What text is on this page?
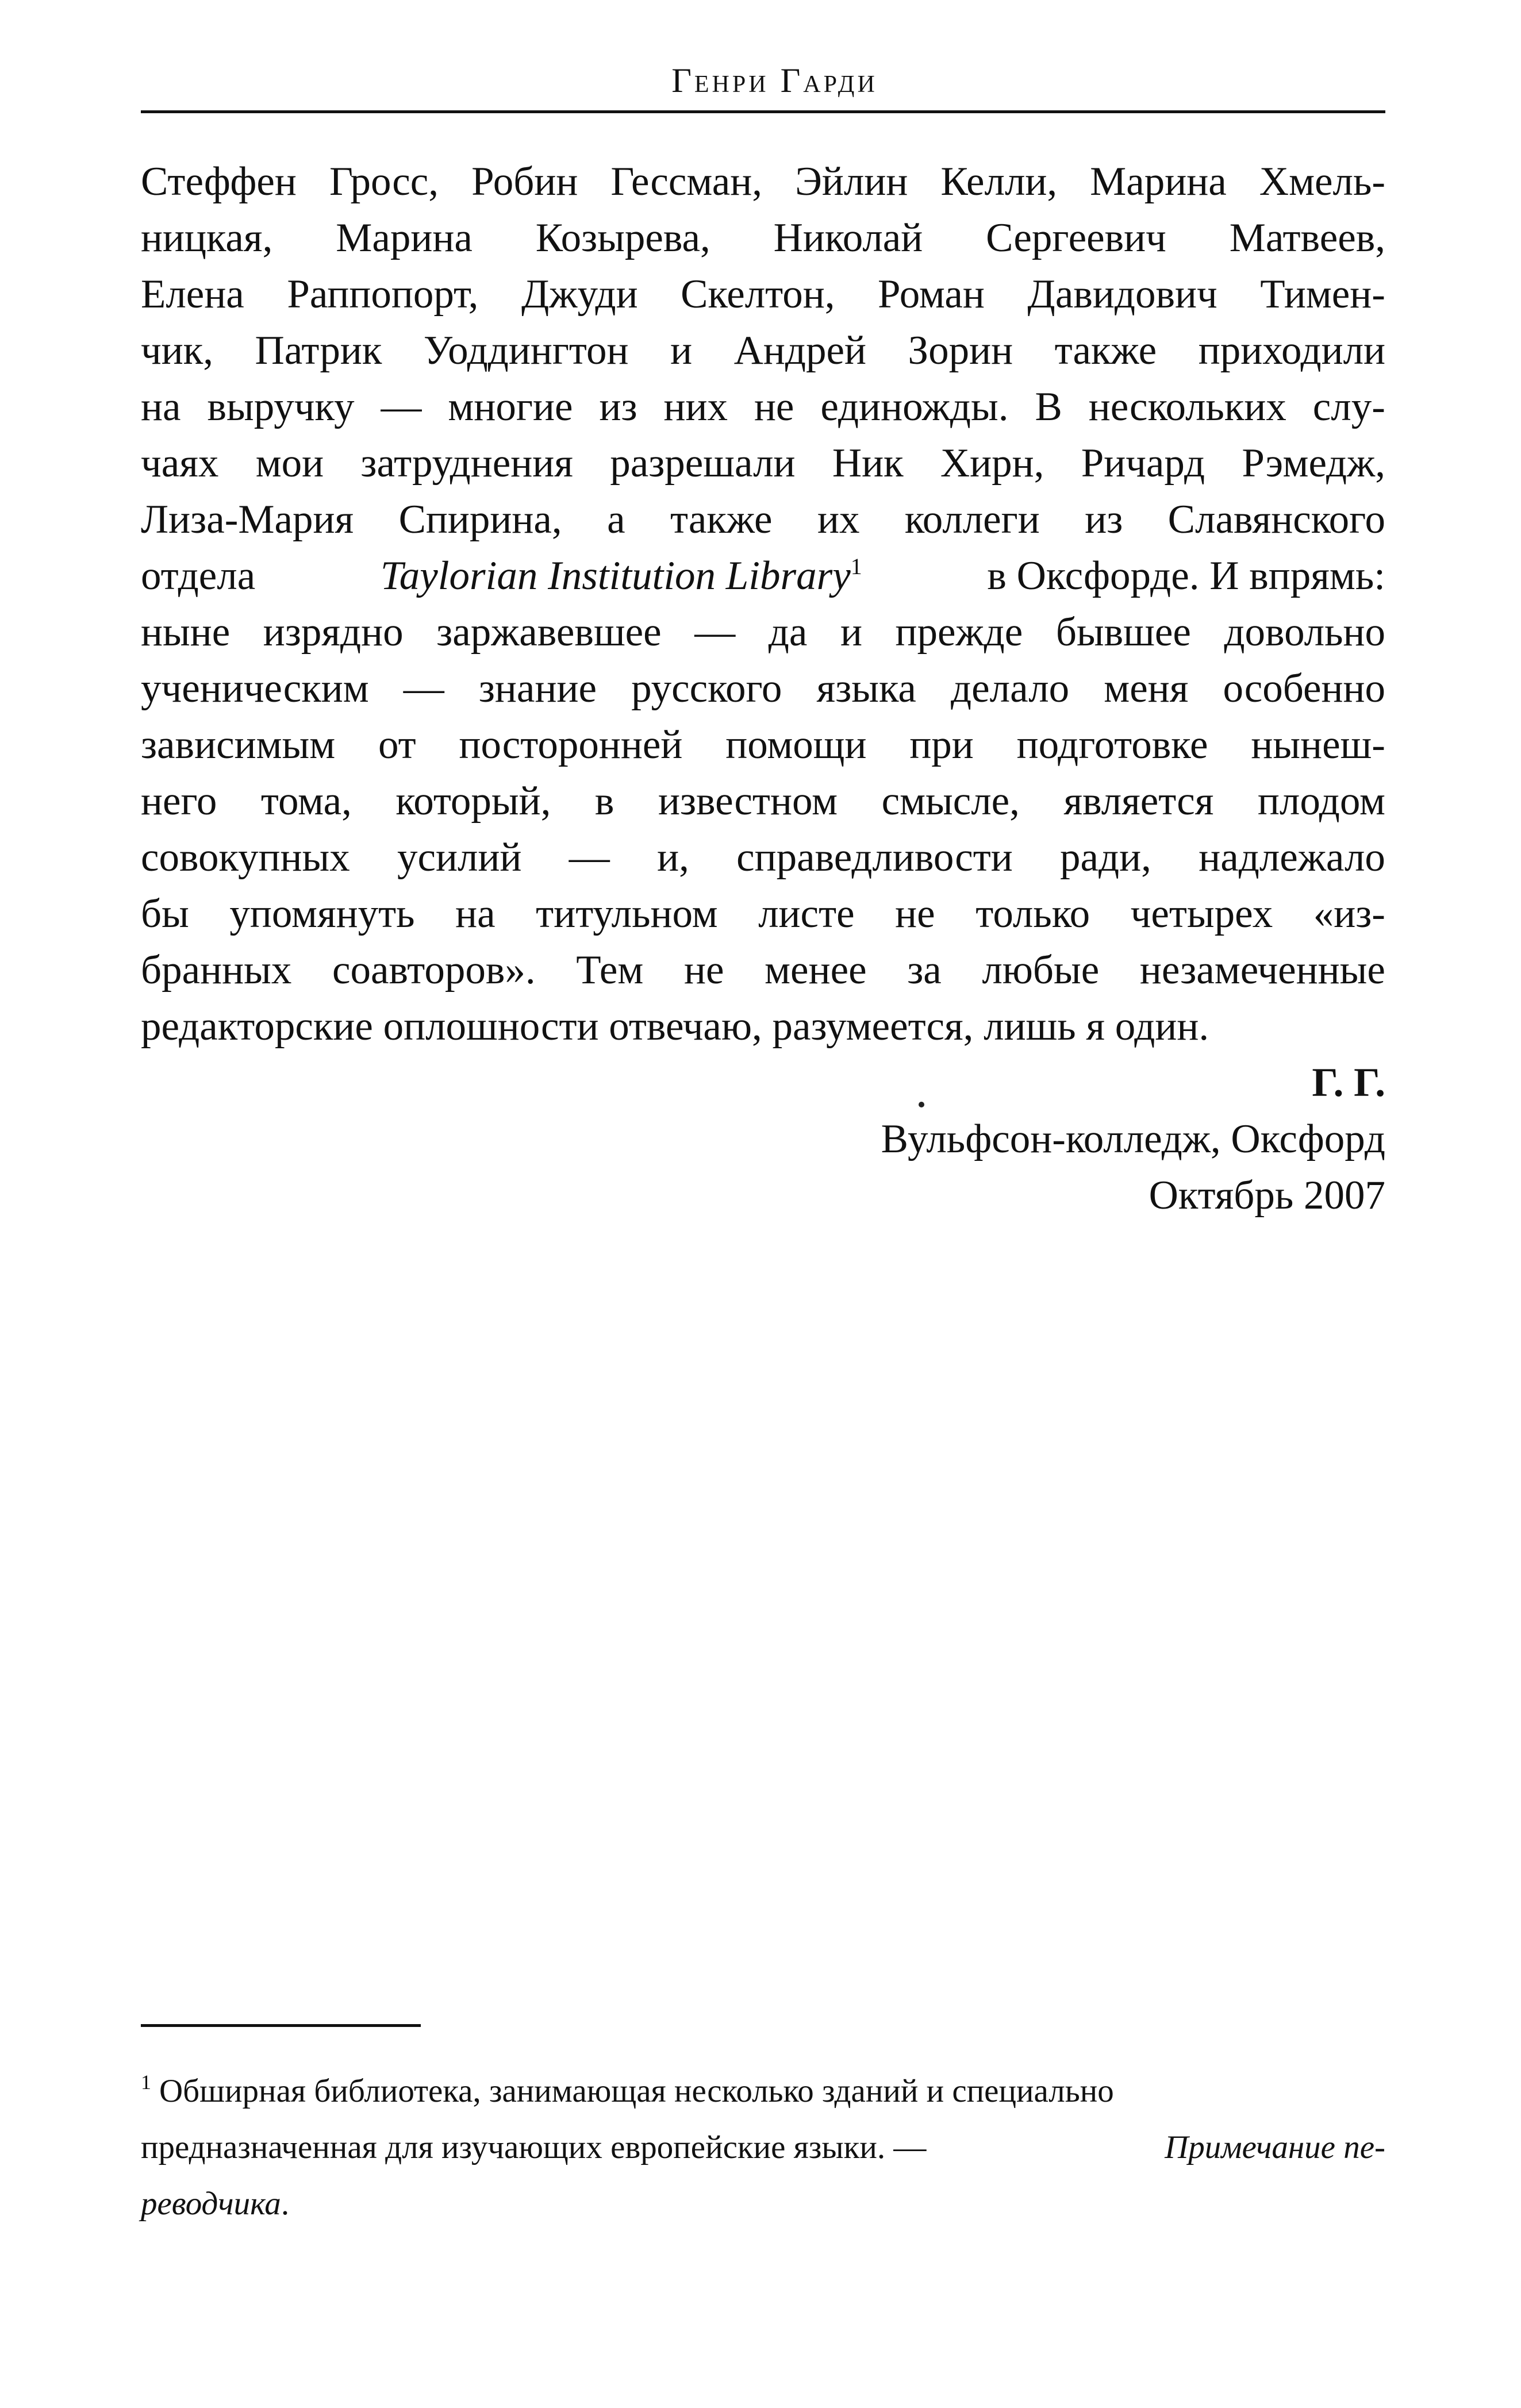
Генри Гарди
Стеффен Гросс, Робин Гессман, Эйлин Келли, Марина Хмель-
ницкая, Марина Козырева, Николай Сергеевич Матвеев,
Елена Раппопорт, Джуди Скелтон, Роман Давидович Тимен-
чик, Патрик Уоддингтон и Андрей Зорин также приходили
на выручку — многие из них не единожды. В нескольких слу-
чаях мои затруднения разрешали Ник Хирн, Ричард Рэмедж,
Лиза-Мария Спирина, а также их коллеги из Славянского
отдела	Taylorian Institution Library$^1$	в Оксфорде. И впрямь:
ныне изрядно заржавевшее — да и прежде бывшее довольно
ученическим — знание русского языка делало меня особенно
зависимым от посторонней помощи при подготовке нынеш-
него тома, который, в известном смысле, является плодом
совокупных усилий — и, справедливости ради, надлежало
бы упомянуть на титульном листе не только четырех «из-
бранных соавторов». Тем не менее за любые незамеченные
редакторские оплошности отвечаю, разумеется, лишь я один.
Г. Г.
Вульфсон-колледж, Оксфорд
Октябрь 2007
$^1$ Обширная библиотека, занимающая несколько зданий и специально
предназначенная для изучающих европейские языки. —	Примечание пе-
реводчика.
